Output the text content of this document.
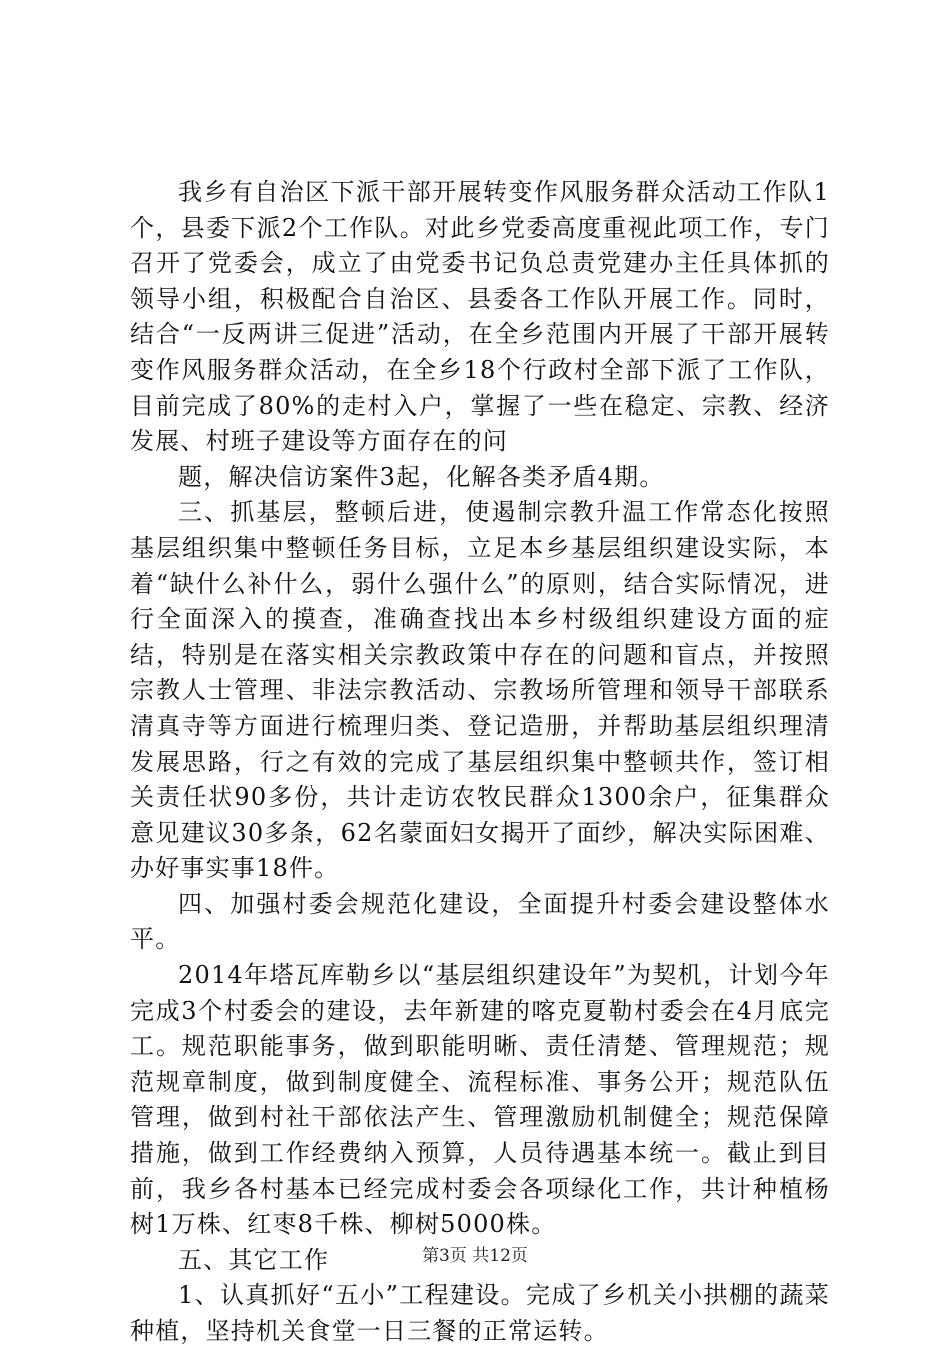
我乡有自治区下派干部开展转变作风服务群众活动工作队1个，县委下派2个工作队。对此乡党委高度重视此项工作，专门召开了党委会，成立了由党委书记负总责党建办主任具体抓的领导小组，积极配合自治区、县委各工作队开展工作。同时，结合“一反两讲三促进”活动，在全乡范围内开展了干部开展转变作风服务群众活动，在全乡18个行政村全部下派了工作队，目前完成了80%的走村入户，掌握了一些在稳定、宗教、经济发展、村班子建设等方面存在的问

题，解决信访案件3起，化解各类矛盾4期。

三、抓基层，整顿后进，使遏制宗教升温工作常态化按照基层组织集中整顿任务目标，立足本乡基层组织建设实际，本着“缺什么补什么，弱什么强什么”的原则，结合实际情况，进行全面深入的摸查，准确查找出本乡村级组织建设方面的症结，特别是在落实相关宗教政策中存在的问题和盲点，并按照宗教人士管理、非法宗教活动、宗教场所管理和领导干部联系清真寺等方面进行梳理归类、登记造册，并帮助基层组织理清发展思路，行之有效的完成了基层组织集中整顿共作，签订相关责任状90多份，共计走访农牧民群众1300余户，征集群众意见建议30多条，62名蒙面妇女揭开了面纱，解决实际困难、办好事实事18件。

四、加强村委会规范化建设，全面提升村委会建设整体水平。

2014年塔瓦库勒乡以“基层组织建设年”为契机，计划今年完成3个村委会的建设，去年新建的喀克夏勒村委会在4月底完工。规范职能事务，做到职能明晰、责任清楚、管理规范；规范规章制度，做到制度健全、流程标准、事务公开；规范队伍管理，做到村社干部依法产生、管理激励机制健全；规范保障措施，做到工作经费纳入预算，人员待遇基本统一。截止到目前，我乡各村基本已经完成村委会各项绿化工作，共计种植杨树1万株、红枣8千株、柳树5000株。

五、其它工作

1、认真抓好“五小”工程建设。完成了乡机关小拱棚的蔬菜种植，坚持机关食堂一日三餐的正常运转。

第3页 共12页
